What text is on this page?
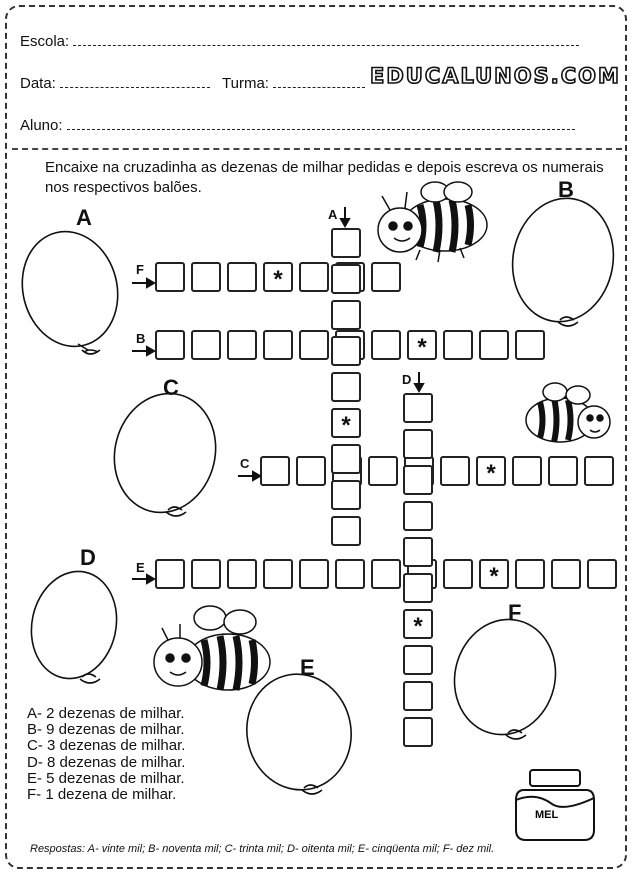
Escola:
Data:	Turma:	EDUCALUNOS.COM
Aluno:
Encaixe na cruzadinha as dezenas de milhar pedidas e depois escreva os numerais nos respectivos balões.
*
*
*
*
*
*
F
B
C
E
A
D
A
B
C
D
E
F
MEL
A- 2 dezenas de milhar.
B- 9 dezenas de milhar.
C- 3 dezenas de milhar.
D- 8 dezenas de milhar.
E- 5 dezenas de milhar.
F- 1 dezena de milhar.
Respostas: A- vinte mil; B- noventa mil; C- trinta mil; D- oitenta mil; E- cinqüenta mil; F- dez mil.
